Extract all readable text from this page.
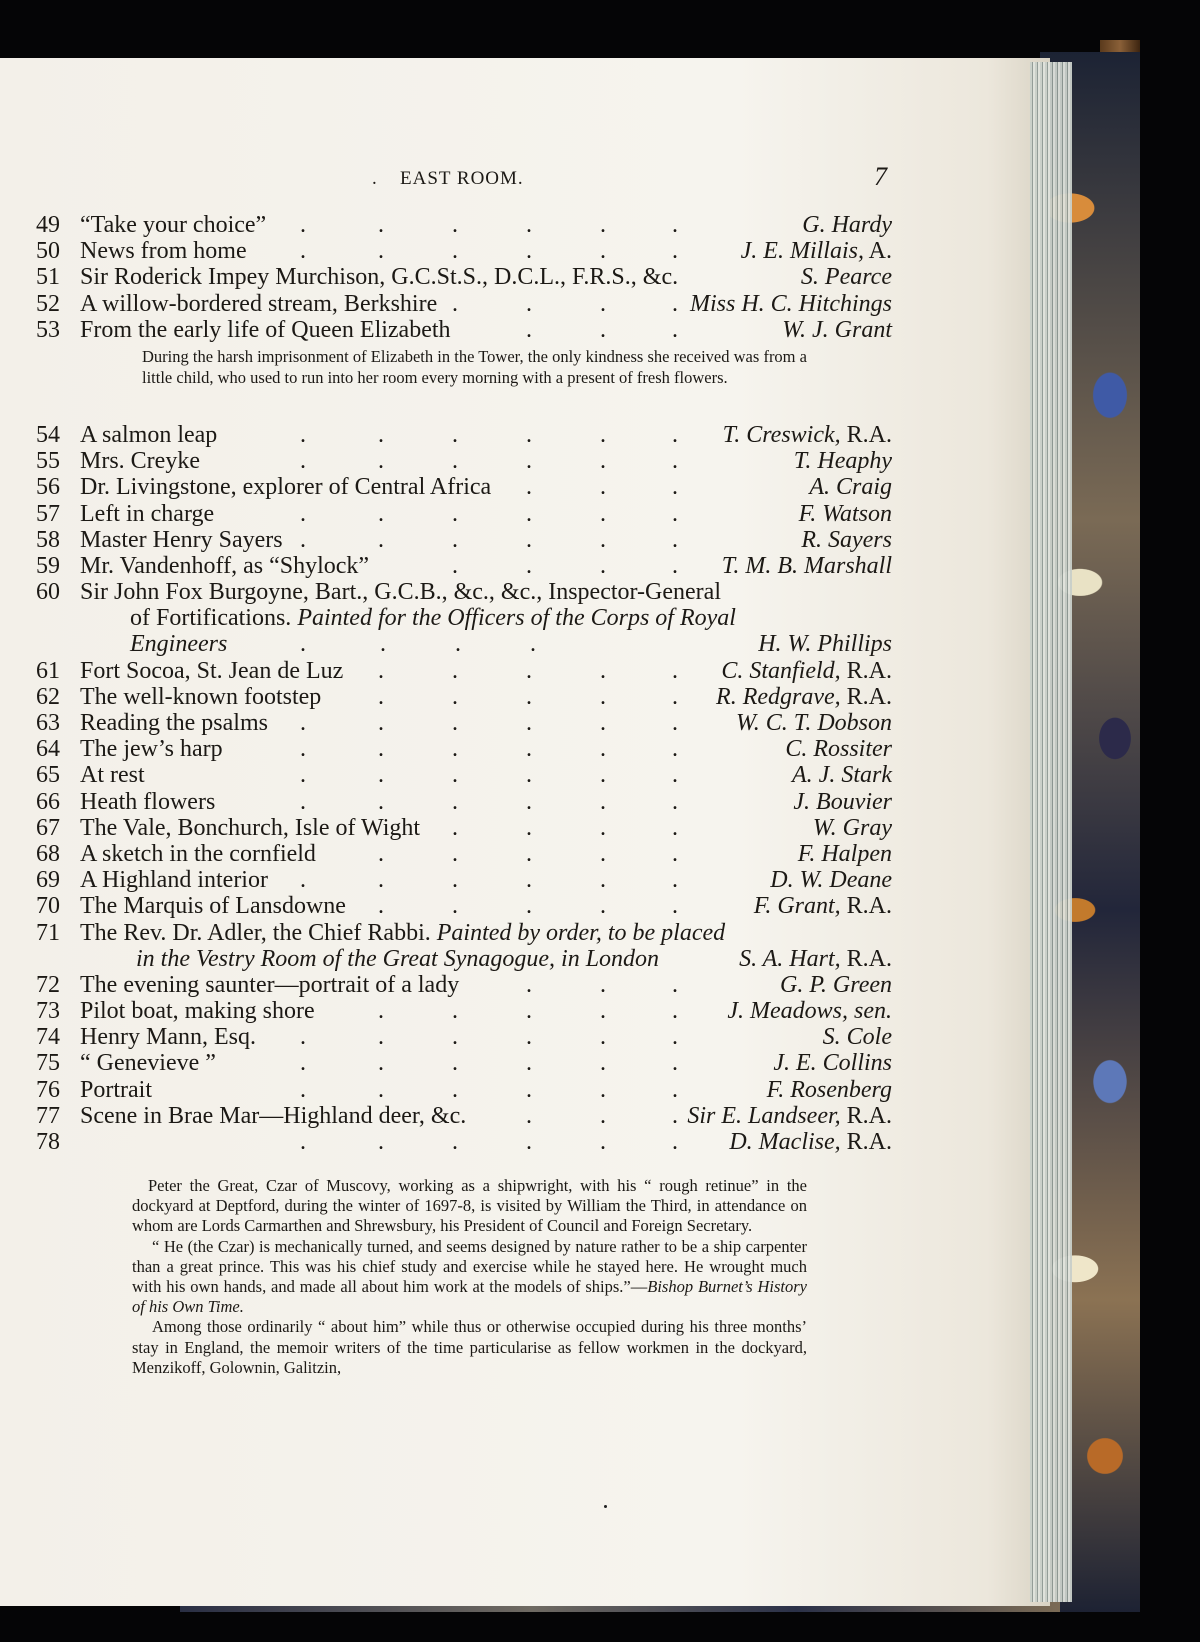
. EAST ROOM.	7
49 “Take your choice”	G. Hardy
.	.	.	.	.	.
50 News from home	J. E. Millais, A.
.	.	.	.	.	.
51 Sir Roderick Impey Murchison, G.C.St.S., D.C.L., F.R.S., &c.	S. Pearce
52 A willow-bordered stream, Berkshire	Miss H. C. Hitchings
.	.	.	.
53 From the early life of Queen Elizabeth	W. J. Grant
.	.	.
During the harsh imprisonment of Elizabeth in the Tower, the only kindness she received was from a little child, who used to run into her room every morning with a present of fresh flowers.
54 A salmon leap	T. Creswick, R.A.
.	.	.	.	.	.
55 Mrs. Creyke	T. Heaphy
.	.	.	.	.	.
56 Dr. Livingstone, explorer of Central Africa	A. Craig
.	.	.
57 Left in charge	F. Watson
.	.	.	.	.	.
58 Master Henry Sayers	R. Sayers
.	.	.	.	.	.
59 Mr. Vandenhoff, as “Shylock”	T. M. B. Marshall
.	.	.	.
60 Sir John Fox Burgoyne, Bart., G.C.B., &c., &c., Inspector-General
of Fortifications. Painted for the Officers of the Corps of Royal
Engineers	.	.	.	.	H. W. Phillips
61 Fort Socoa, St. Jean de Luz	C. Stanfield, R.A.
.	.	.	.	.
62 The well-known footstep	R. Redgrave, R.A.
.	.	.	.	.
63 Reading the psalms	W. C. T. Dobson
.	.	.	.	.	.
64 The jew’s harp	C. Rossiter
.	.	.	.	.	.
65 At rest	A. J. Stark
.	.	.	.	.	.
66 Heath flowers	J. Bouvier
.	.	.	.	.	.
67 The Vale, Bonchurch, Isle of Wight	W. Gray
.	.	.	.
68 A sketch in the cornfield	F. Halpen
.	.	.	.	.
69 A Highland interior	D. W. Deane
.	.	.	.	.	.
70 The Marquis of Lansdowne	F. Grant, R.A.
.	.	.	.	.
71 The Rev. Dr. Adler, the Chief Rabbi. Painted by order, to be placed
in the Vestry Room of the Great Synagogue, in London	S. A. Hart, R.A.
72 The evening saunter—portrait of a lady	G. P. Green
.	.	.
73 Pilot boat, making shore	J. Meadows, sen.
.	.	.	.	.
74 Henry Mann, Esq.	S. Cole
.	.	.	.	.	.
75 “ Genevieve ”	J. E. Collins
.	.	.	.	.	.
76 Portrait	F. Rosenberg
.	.	.	.	.	.
77 Scene in Brae Mar—Highland deer, &c.	Sir E. Landseer, R.A.
.	.	.
78	D. Maclise, R.A.
.	.	.	.	.	.

Peter the Great, Czar of Muscovy, working as a shipwright, with his “ rough retinue” in the dockyard at Deptford, during the winter of 1697-8, is visited by William the Third, in attendance on whom are Lords Carmarthen and Shrewsbury, his President of Council and Foreign Secretary.

“ He (the Czar) is mechanically turned, and seems designed by nature rather to be a ship carpenter than a great prince. This was his chief study and exercise while he stayed here. He wrought much with his own hands, and made all about him work at the models of ships.”—Bishop Burnet’s History of his Own Time.

Among those ordinarily “ about him” while thus or otherwise occupied during his three months’ stay in England, the memoir writers of the time particularise as fellow workmen in the dockyard, Menzikoff, Golownin, Galitzin,
